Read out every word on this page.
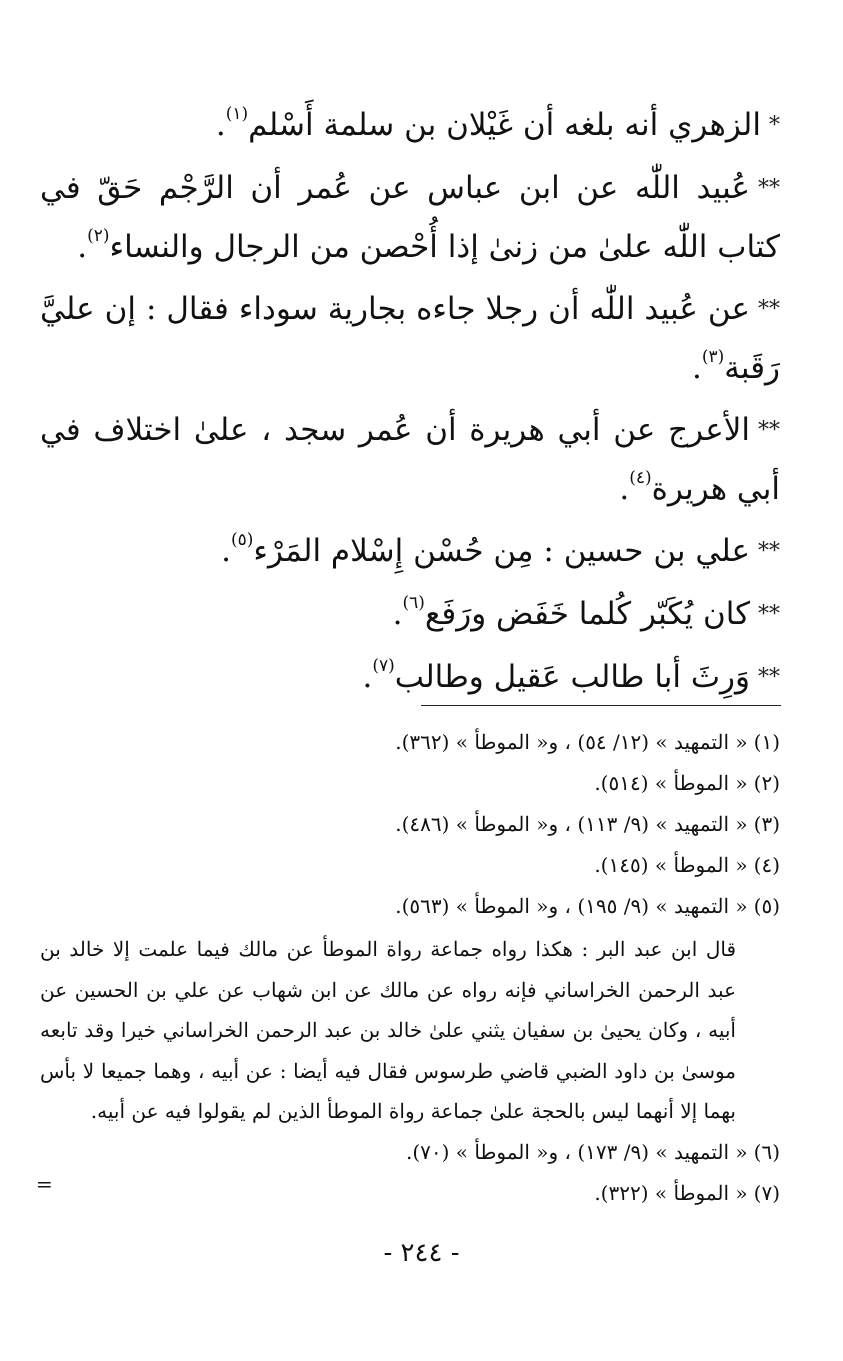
*الزهري أنه بلغه أن غَيْلان بن سلمة أَسْلم$^{(١)}$.

**عُبيد اللّٰه عن ابن عباس عن عُمر أن الرَّجْم حَقّ في كتاب اللّٰه علىٰ من زنىٰ إذا أُحْصن من الرجال والنساء$^{(٢)}$.

**عن عُبيد اللّٰه أن رجلا جاءه بجارية سوداء فقال : إن عليَّ رَقَبة$^{(٣)}$.

**الأعرج عن أبي هريرة أن عُمر سجد ، علىٰ اختلاف في أبي هريرة$^{(٤)}$.

**علي بن حسين : مِن حُسْن إِسْلام المَرْء$^{(٥)}$.

**كان يُكَبّر كُلما خَفَض ورَفَع$^{(٦)}$.

**وَرِثَ أبا طالب عَقيل وطالب$^{(٧)}$.

(١)« التمهيد » (١٢/ ٥٤) ، و« الموطأ » (٣٦٢).
(٢)« الموطأ » (٥١٤).
(٣)« التمهيد » (٩/ ١١٣) ، و« الموطأ » (٤٨٦).
(٤)« الموطأ » (١٤٥).
(٥)« التمهيد » (٩/ ١٩٥) ، و« الموطأ » (٥٦٣).

قال ابن عبد البر : هكذا رواه جماعة رواة الموطأ عن مالك فيما علمت إلا خالد بن عبد الرحمن الخراساني فإنه رواه عن مالك عن ابن شهاب عن علي بن الحسين عن أبيه ، وكان يحيىٰ بن سفيان يثني علىٰ خالد بن عبد الرحمن الخراساني خيرا وقد تابعه موسىٰ بن داود الضبي قاضي طرسوس فقال فيه أيضا : عن أبيه ، وهما جميعا لا بأس بهما إلا أنهما ليس بالحجة علىٰ جماعة رواة الموطأ الذين لم يقولوا فيه عن أبيه.

(٦)« التمهيد » (٩/ ١٧٣) ، و« الموطأ » (٧٠).
(٧)« الموطأ » (٣٢٢).
=
- ٢٤٤ -
